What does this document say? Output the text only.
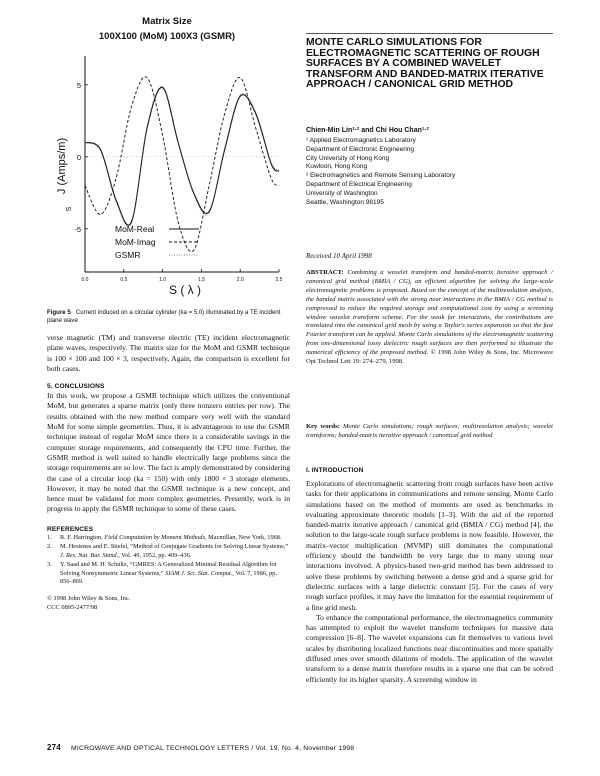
Matrix Size
100X100 (MoM) 100X3 (GSMR)
0.0	0.5	1.0	1.5	2.0	2.5
5
0
-5	MoM-Real
MoM-Imag
GSMR
J (Amps/m)
S
S ( λ )
Figure 5 Current induced on a circular cylinder (ka = 5.0) illuminated by a TE incident plane wave

verse magnetic (TM) and transverse electric (TE) incident electromagnetic plane waves, respectively. The matrix size for the MoM and GSMR technique is 100 × 100 and 100 × 3, respectively, Again, the comparison is excellent for both cases.

5. CONCLUSIONS

In this work, we propose a GSMR technique which utilizes the conventional MoM, but generates a sparse matrix (only three nonzero entries per row). The results obtained with the new method compare very well with the standard MoM for some simple geometries. Thus, it is advantageous to use the GSMR technique instead of regular MoM since there is a considerable savings in the computer storage requirements, and consequently the CPU time. Further, the GSMR method is well suited to handle electrically large problems since the storage requirements are so low. The fact is amply demonstrated by considering the case of a circular loop (ka = 150) with only 1800 × 3 storage elements. However, it may be noted that the GSMR technique is a new concept, and hence must be validated for more complex geometries. Presently, work is in progress to apply the GSMR technique to some of these cases.

REFERENCES
1.	R. F. Harrington, Field Computation by Moment Methods, Macmillan, New York, 1968.
2.	M. Hestenes and E. Stiefel, “Method of Conjugate Gradients for Solving Linear Systems,” J. Res. Nat. Bur. Stand., Vol. 49, 1952, pp. 409–436.
3.	Y. Saad and M. H. Schultz, “GMRES: A Generalized Minimal Residual Algorithm for Solving Nonsymmetric Linear Systems,” SIAM J. Sci. Stat. Comput., Vol. 7, 1986, pp. 856–869.
© 1998 John Wiley & Sons, Inc.
CCC 0895-2477/98
MONTE CARLO SIMULATIONS FOR ELECTROMAGNETIC SCATTERING OF ROUGH SURFACES BY A COMBINED WAVELET TRANSFORM AND BANDED-MATRIX ITERATIVE APPROACH / CANONICAL GRID METHOD
Chien-Min Lin¹·² and Chi Hou Chan¹·²
¹ Applied Electromagnetics Laboratory
Department of Electronic Engineering
City University of Hong Kong
Kowloon, Hong Kong
² Electromagnetics and Remote Sensing Laboratory
Department of Electrical Engineering
University of Washington
Seattle, Washington 98195
Received 10 April 1998
ABSTRACT: Combining a wavelet transform and banded-matrix iterative approach / canonical grid method (BMIA / CG), an efficient algorithm for solving the large-scale electromagnetic problems is proposed. Based on the concept of the multiresolution analysis, the banded matrix associated with the strong near interactions in the BMIA / CG method is compressed to reduce the required storage and computational cost by using a screening window wavelet transform scheme. For the weak far interactions, the contributions are translated into the canonical grid mesh by using a Taylor's series expansion so that the fast Fourier transform can be applied. Monte Carlo simulations of the electromagnetic scattering from one-dimensional lossy dielectric rough surfaces are then performed to illustrate the numerical efficiency of the proposed method. © 1998 John Wiley & Sons, Inc. Microwave Opt Technol Lett 19: 274–279, 1998.
Key words: Monte Carlo simulations; rough surfaces; multiresolution analysis; wavelet transforms; banded-matrix iterative approach / canonical grid method
I. INTRODUCTION

Explorations of electromagnetic scattering from rough surfaces have been active tasks for their applications in communications and remote sensing. Monte Carlo simulations based on the method of moments are used as benchmarks in evaluating approximate theoretic models [1–3]. With the aid of the reported banded-matrix iterative approach / canonical grid (BMIA / CG) method [4], the solution to the large-scale rough surface problems is now feasible. However, the matrix–vector multiplication (MVMP) still dominates the computational efficiency should the bandwidth be very large due to many strong near interactions involved. A physics-based two-grid method has been addressed to solve these problems by switching between a dense grid and a sparse grid for dielectric surfaces with a large dielectric constant [5]. For the cases of very rough surface profiles, it may have the limitation for the essential requirement of a fine grid mesh.

To enhance the computational performance, the electromagnetics community has attempted to exploit the wavelet transform techniques for massive data compression [6–8]. The wavelet expansions can fit themselves to various level scales by distributing localized functions near discontinuities and more spatially diffused ones over smooth dilations of models. The application of the wavelet transform to a dense matrix therefore results in a sparse one that can be solved efficiently for its higher sparsity. A screening window in

274 MICROWAVE AND OPTICAL TECHNOLOGY LETTERS / Vol. 19, No. 4, November 1998
